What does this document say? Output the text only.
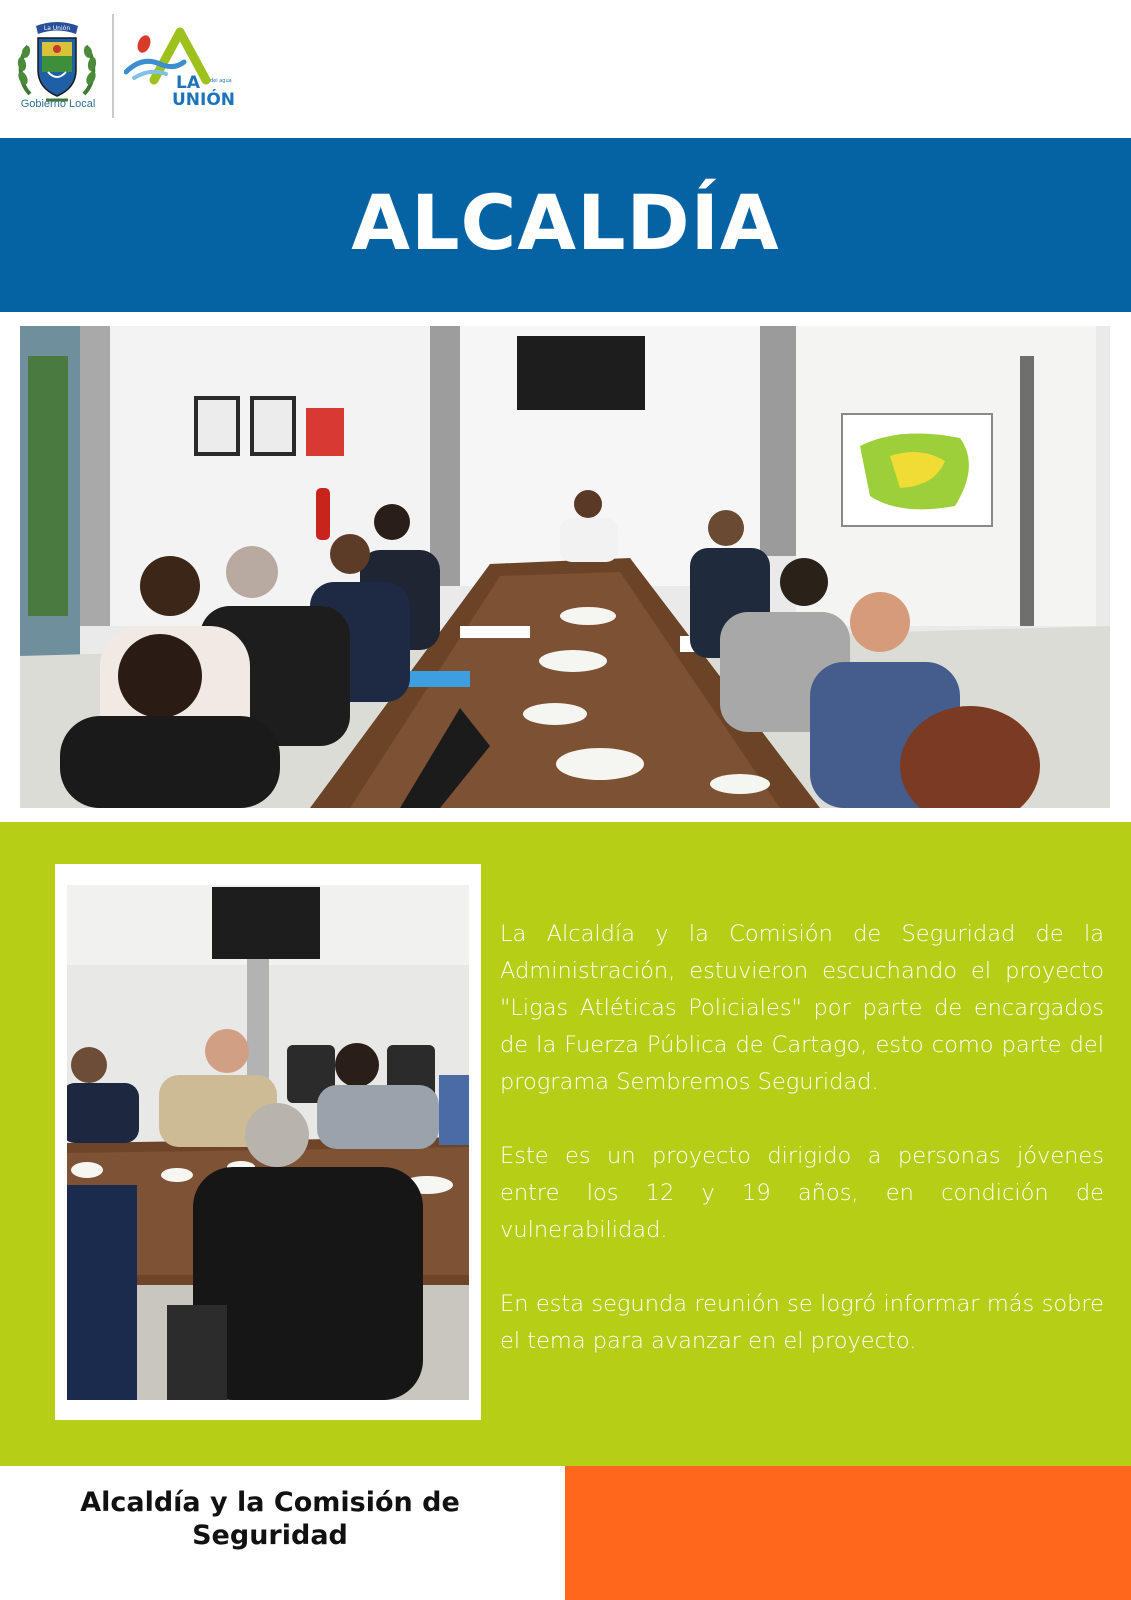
La Unión
Gobierno Local
LA del agua
UNIÓN
ALCALDÍA

La Alcaldía y la Comisión de Seguridad de la Administración, estuvieron escuchando el proyecto "Ligas Atléticas Policiales" por parte de encargados de la Fuerza Pública de Cartago, esto como parte del programa Sembremos Seguridad.

Este es un proyecto dirigido a personas jóvenes entre los 12 y 19 años, en condición de vulnerabilidad.

En esta segunda reunión se logró informar más sobre el tema para avanzar en el proyecto.

Alcaldía y la Comisión de
Seguridad
